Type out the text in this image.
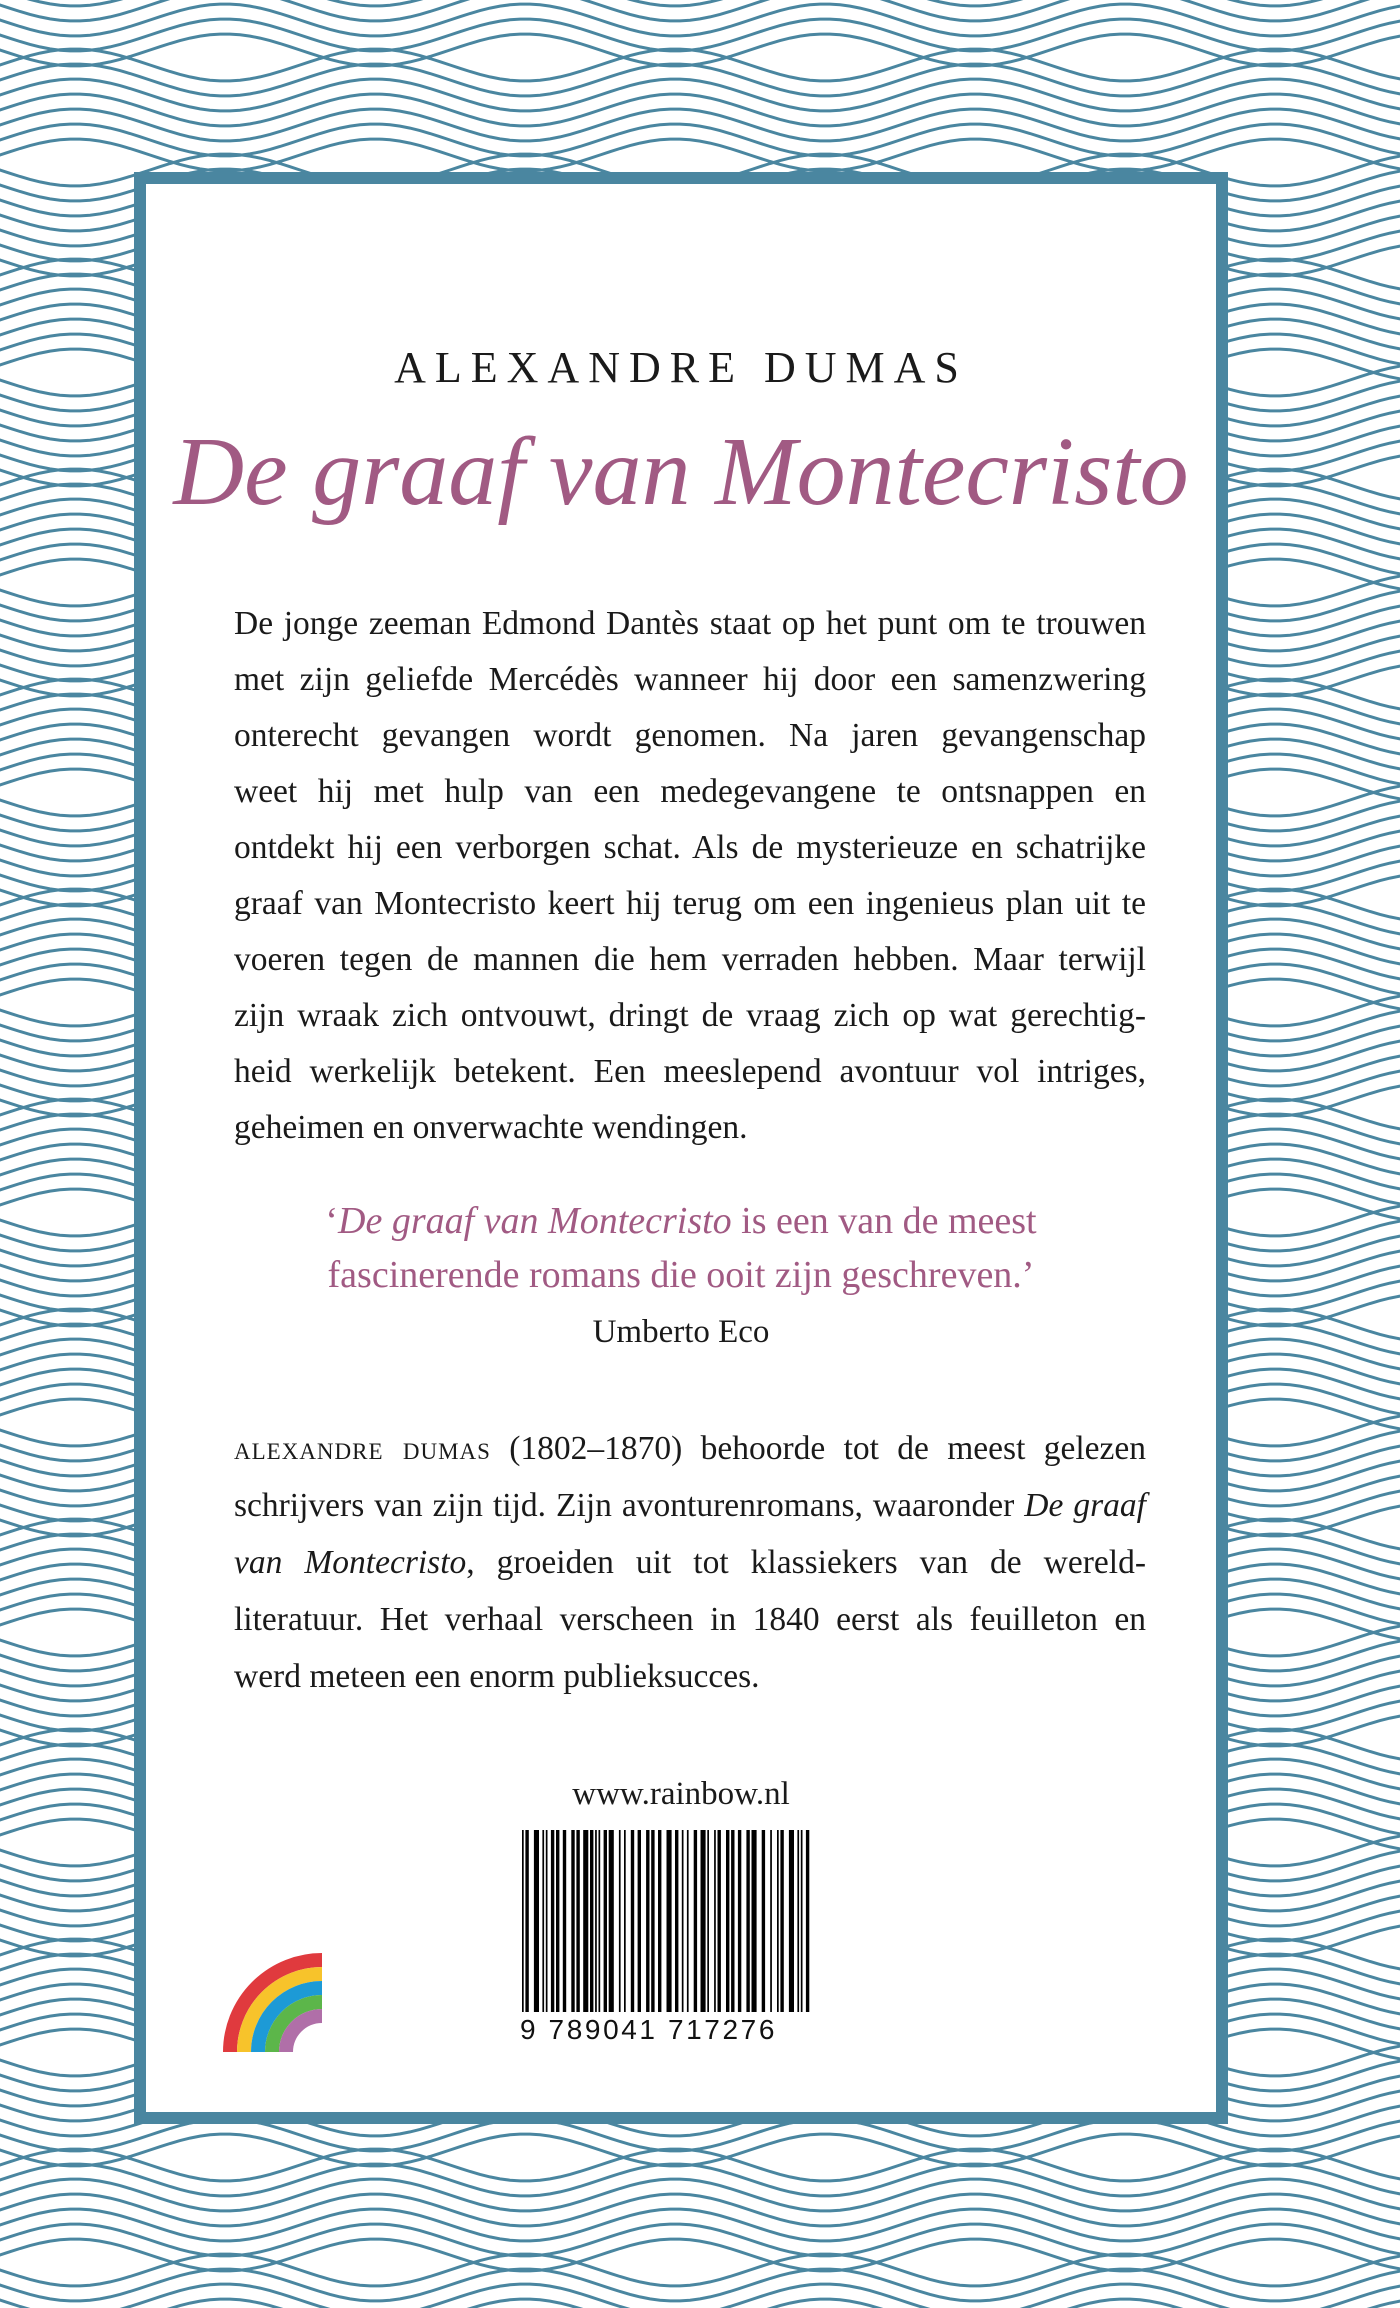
ALEXANDRE DUMAS
De graaf van Montecristo

De jonge zeeman Edmond Dantès staat op het punt om te trouwen
met zijn geliefde Mercédès wanneer hij door een samenzwering
onterecht gevangen wordt genomen. Na jaren gevangenschap
weet hij met hulp van een medegevangene te ontsnappen en
ontdekt hij een verborgen schat. Als de mysterieuze en schatrijke
graaf van Montecristo keert hij terug om een ingenieus plan uit te
voeren tegen de mannen die hem verraden hebben. Maar terwijl
zijn wraak zich ontvouwt, dringt de vraag zich op wat gerechtig-
heid werkelijk betekent. Een meeslepend avontuur vol intriges,
geheimen en onverwachte wendingen.

‘De graaf van Montecristo is een van de meest
fascinerende romans die ooit zijn geschreven.’
Umberto Eco
alexandre dumas (1802–1870) behoorde tot de meest gelezen
schrijvers van zijn tijd. Zijn avonturenromans, waaronder De graaf
van Montecristo, groeiden uit tot klassiekers van de wereld-
literatuur. Het verhaal verscheen in 1840 eerst als feuilleton en
werd meteen een enorm publieksucces.
www.rainbow.nl
9 789041 717276
